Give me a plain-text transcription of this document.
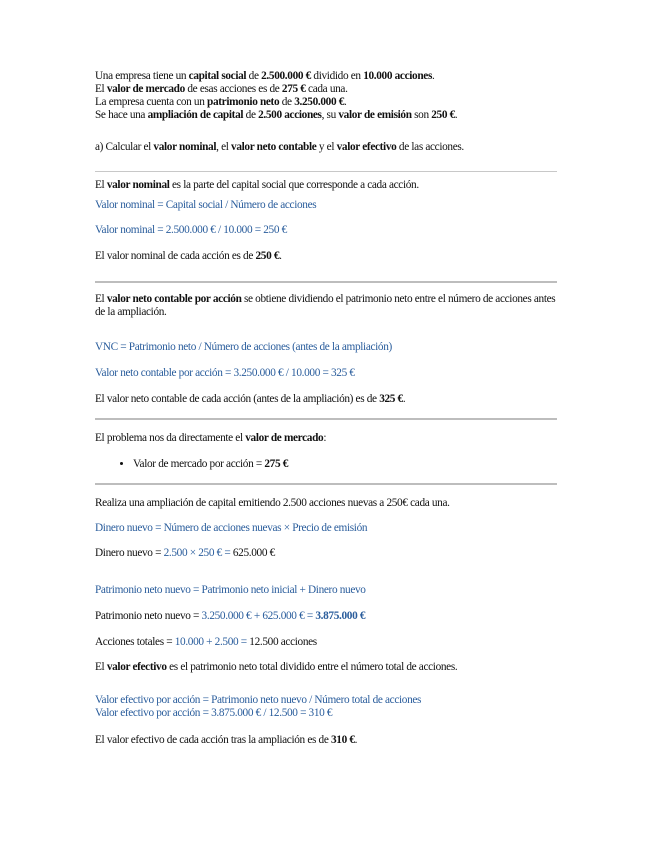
Una empresa tiene un capital social de 2.500.000 € dividido en 10.000 acciones.

El valor de mercado de esas acciones es de 275 € cada una.

La empresa cuenta con un patrimonio neto de 3.250.000 €.

Se hace una ampliación de capital de 2.500 acciones, su valor de emisión son 250 €.

a) Calcular el valor nominal, el valor neto contable y el valor efectivo de las acciones.
El valor nominal es la parte del capital social que corresponde a cada acción.
Valor nominal = Capital social / Número de acciones
Valor nominal = 2.500.000 € / 10.000 = 250 €
El valor nominal de cada acción es de 250 €.
El valor neto contable por acción se obtiene dividiendo el patrimonio neto entre el número de acciones antes de la ampliación.
VNC = Patrimonio neto / Número de acciones (antes de la ampliación)
Valor neto contable por acción = 3.250.000 € / 10.000 = 325 €
El valor neto contable de cada acción (antes de la ampliación) es de 325 €.
El problema nos da directamente el valor de mercado:
• Valor de mercado por acción = 275 €
Realiza una ampliación de capital emitiendo 2.500 acciones nuevas a 250€ cada una.
Dinero nuevo = Número de acciones nuevas × Precio de emisión
Dinero nuevo = 2.500 × 250 € = 625.000 €
Patrimonio neto nuevo = Patrimonio neto inicial + Dinero nuevo
Patrimonio neto nuevo = 3.250.000 € + 625.000 € = 3.875.000 €
Acciones totales = 10.000 + 2.500 = 12.500 acciones
El valor efectivo es el patrimonio neto total dividido entre el número total de acciones.
Valor efectivo por acción = Patrimonio neto nuevo / Número total de acciones
Valor efectivo por acción = 3.875.000 € / 12.500 = 310 €
El valor efectivo de cada acción tras la ampliación es de 310 €.
